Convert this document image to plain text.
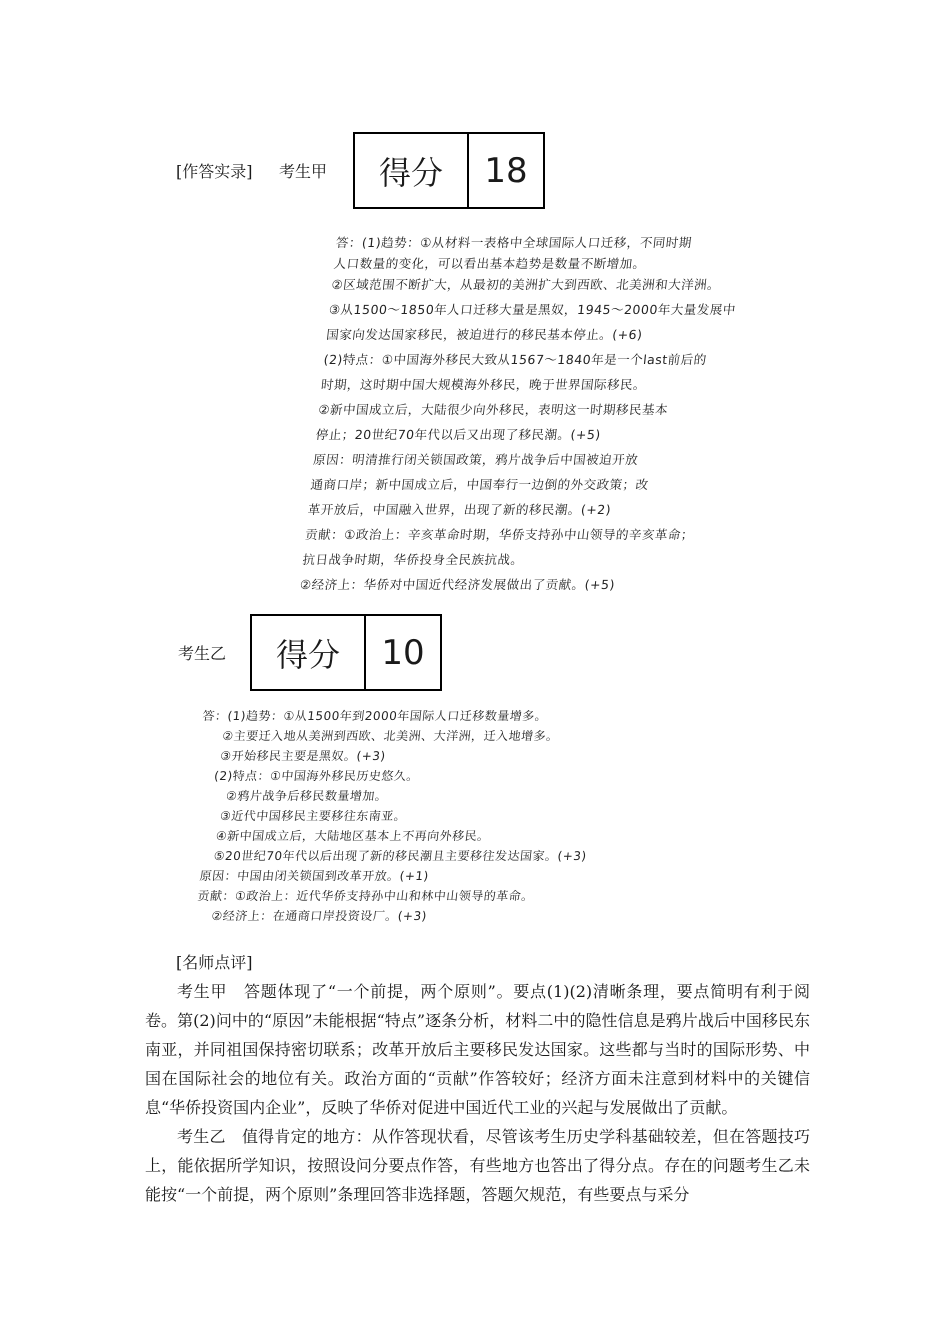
[作答实录] 考生甲	得分	18
答：(1)趋势：①从材料一表格中全球国际人口迁移，不同时期
人口数量的变化，可以看出基本趋势是数量不断增加。
②区域范围不断扩大，从最初的美洲扩大到西欧、北美洲和大洋洲。
③从1500～1850年人口迁移大量是黑奴，1945～2000年大量发展中
国家向发达国家移民，被迫进行的移民基本停止。(+6)
(2)特点：①中国海外移民大致从1567～1840年是一个last前后的
时期，这时期中国大规模海外移民，晚于世界国际移民。
②新中国成立后，大陆很少向外移民，表明这一时期移民基本
停止；20世纪70年代以后又出现了移民潮。(+5)
原因：明清推行闭关锁国政策，鸦片战争后中国被迫开放
通商口岸；新中国成立后，中国奉行一边倒的外交政策；改
革开放后，中国融入世界，出现了新的移民潮。(+2)
贡献：①政治上：辛亥革命时期，华侨支持孙中山领导的辛亥革命；
抗日战争时期，华侨投身全民族抗战。
②经济上：华侨对中国近代经济发展做出了贡献。(+5)
考生乙	得分	10
答：(1)趋势：①从1500年到2000年国际人口迁移数量增多。
②主要迁入地从美洲到西欧、北美洲、大洋洲，迁入地增多。
③开始移民主要是黑奴。(+3)
(2)特点：①中国海外移民历史悠久。
②鸦片战争后移民数量增加。
③近代中国移民主要移往东南亚。
④新中国成立后，大陆地区基本上不再向外移民。
⑤20世纪70年代以后出现了新的移民潮且主要移往发达国家。(+3)
原因：中国由闭关锁国到改革开放。(+1)
贡献：①政治上：近代华侨支持孙中山和林中山领导的革命。
②经济上：在通商口岸投资设厂。(+3)
[名师点评]

考生甲　答题体现了“一个前提，两个原则”。要点(1)(2)清晰条理，要点简明有利于阅卷。第(2)问中的“原因”未能根据“特点”逐条分析，材料二中的隐性信息是鸦片战后中国移民东南亚，并同祖国保持密切联系；改革开放后主要移民发达国家。这些都与当时的国际形势、中国在国际社会的地位有关。政治方面的“贡献”作答较好；经济方面未注意到材料中的关键信息“华侨投资国内企业”，反映了华侨对促进中国近代工业的兴起与发展做出了贡献。

考生乙　值得肯定的地方：从作答现状看，尽管该考生历史学科基础较差，但在答题技巧上，能依据所学知识，按照设问分要点作答，有些地方也答出了得分点。存在的问题考生乙未能按“一个前提，两个原则”条理回答非选择题，答题欠规范，有些要点与采分
